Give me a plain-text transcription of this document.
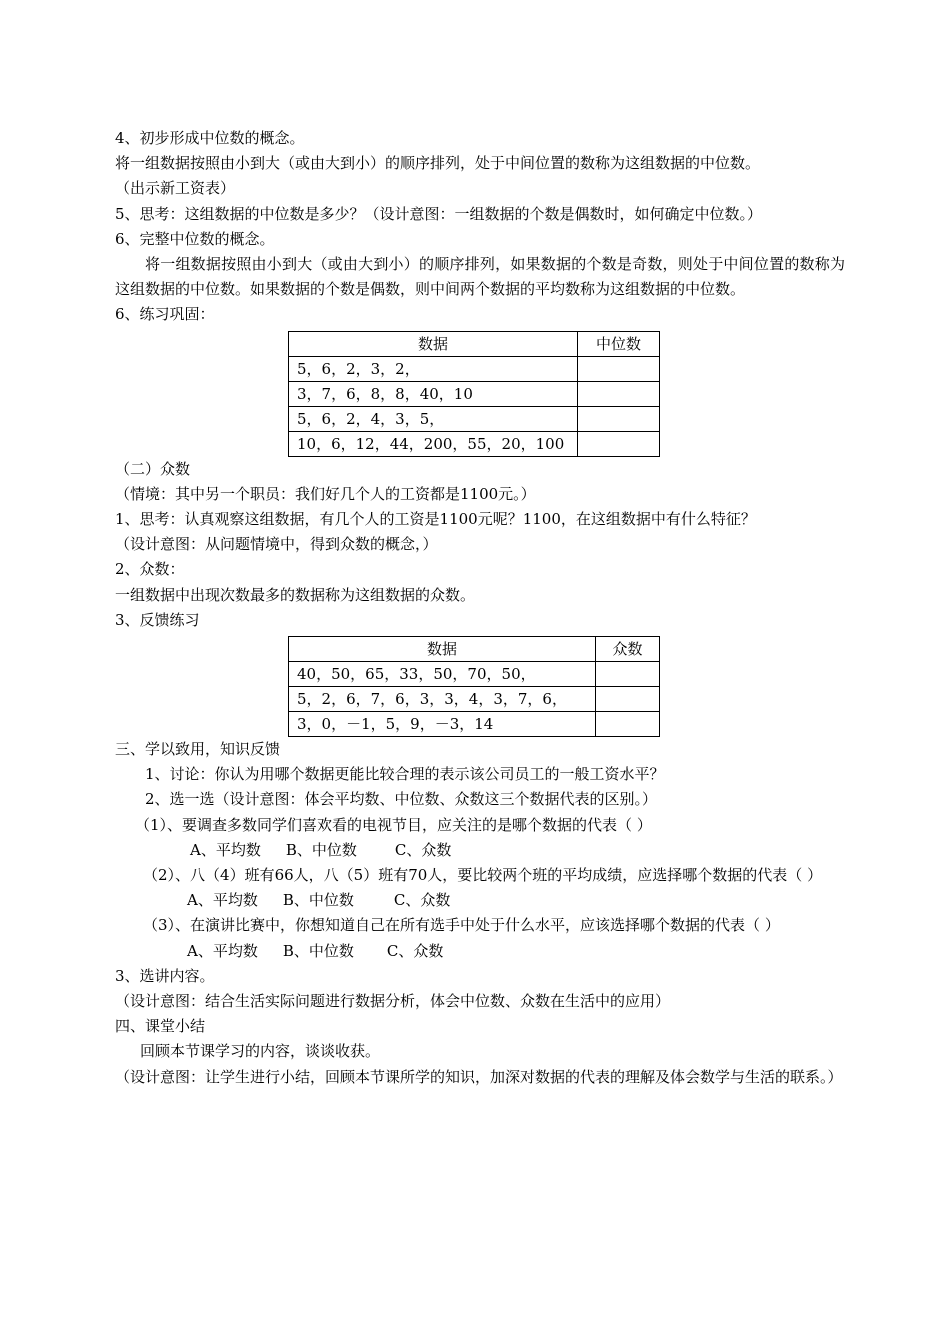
4、初步形成中位数的概念。
将一组数据按照由小到大（或由大到小）的顺序排列，处于中间位置的数称为这组数据的中位数。
（出示新工资表）
5、思考：这组数据的中位数是多少？（设计意图：一组数据的个数是偶数时，如何确定中位数。）
6、完整中位数的概念。
将一组数据按照由小到大（或由大到小）的顺序排列，如果数据的个数是奇数，则处于中间位置的数称为这组数据的中位数。如果数据的个数是偶数，则中间两个数据的平均数称为这组数据的中位数。
6、练习巩固：
数据	中位数
5，6，2，3，2，	
3，7，6，8，8，40，10	
5，6，2，4，3，5，	
10，6，12，44，200，55，20，100	
（二）众数
（情境：其中另一个职员：我们好几个人的工资都是1100元。）
1、思考：认真观察这组数据，有几个人的工资是1100元呢？1100，在这组数据中有什么特征？
（设计意图：从问题情境中，得到众数的概念，）
2、众数：
一组数据中出现次数最多的数据称为这组数据的众数。
3、反馈练习
数据	众数
40，50，65，33，50，70，50，	
5，2，6，7，6，3，3，4，3，7，6，	
3，0，－1，5，9，－3，14	
三、学以致用，知识反馈
1、讨论：你认为用哪个数据更能比较合理的表示该公司员工的一般工资水平？
2、选一选（设计意图：体会平均数、中位数、众数这三个数据代表的区别。）
（1）、要调查多数同学们喜欢看的电视节目，应关注的是哪个数据的代表（ ）
A、平均数 B、中位数	C、众数
（2）、八（4）班有66人，八（5）班有70人，要比较两个班的平均成绩，应选择哪个数据的代表（ ）
A、平均数 B、中位数	C、众数
（3）、在演讲比赛中，你想知道自己在所有选手中处于什么水平，应该选择哪个数据的代表（ ）
A、平均数 B、中位数 C、众数
3、选讲内容。
（设计意图：结合生活实际问题进行数据分析，体会中位数、众数在生活中的应用）
四、课堂小结
回顾本节课学习的内容，谈谈收获。
（设计意图：让学生进行小结，回顾本节课所学的知识，加深对数据的代表的理解及体会数学与生活的联系。）
